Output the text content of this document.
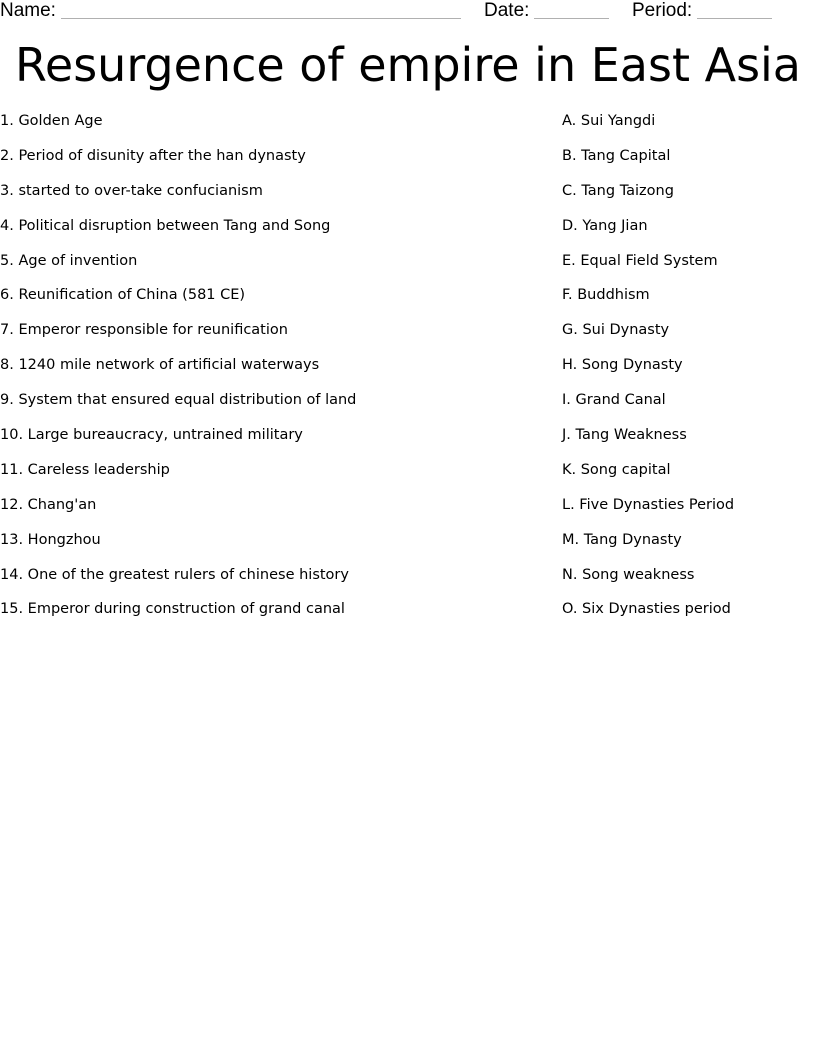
Name:	Date:	Period:
Resurgence of empire in East Asia
1. Golden Age
2. Period of disunity after the han dynasty
3. started to over-take confucianism
4. Political disruption between Tang and Song
5. Age of invention
6. Reunification of China (581 CE)
7. Emperor responsible for reunification
8. 1240 mile network of artificial waterways
9. System that ensured equal distribution of land
10. Large bureaucracy, untrained military
11. Careless leadership
12. Chang'an
13. Hongzhou
14. One of the greatest rulers of chinese history
15. Emperor during construction of grand canal
A. Sui Yangdi
B. Tang Capital
C. Tang Taizong
D. Yang Jian
E. Equal Field System
F. Buddhism
G. Sui Dynasty
H. Song Dynasty
I. Grand Canal
J. Tang Weakness
K. Song capital
L. Five Dynasties Period
M. Tang Dynasty
N. Song weakness
O. Six Dynasties period
